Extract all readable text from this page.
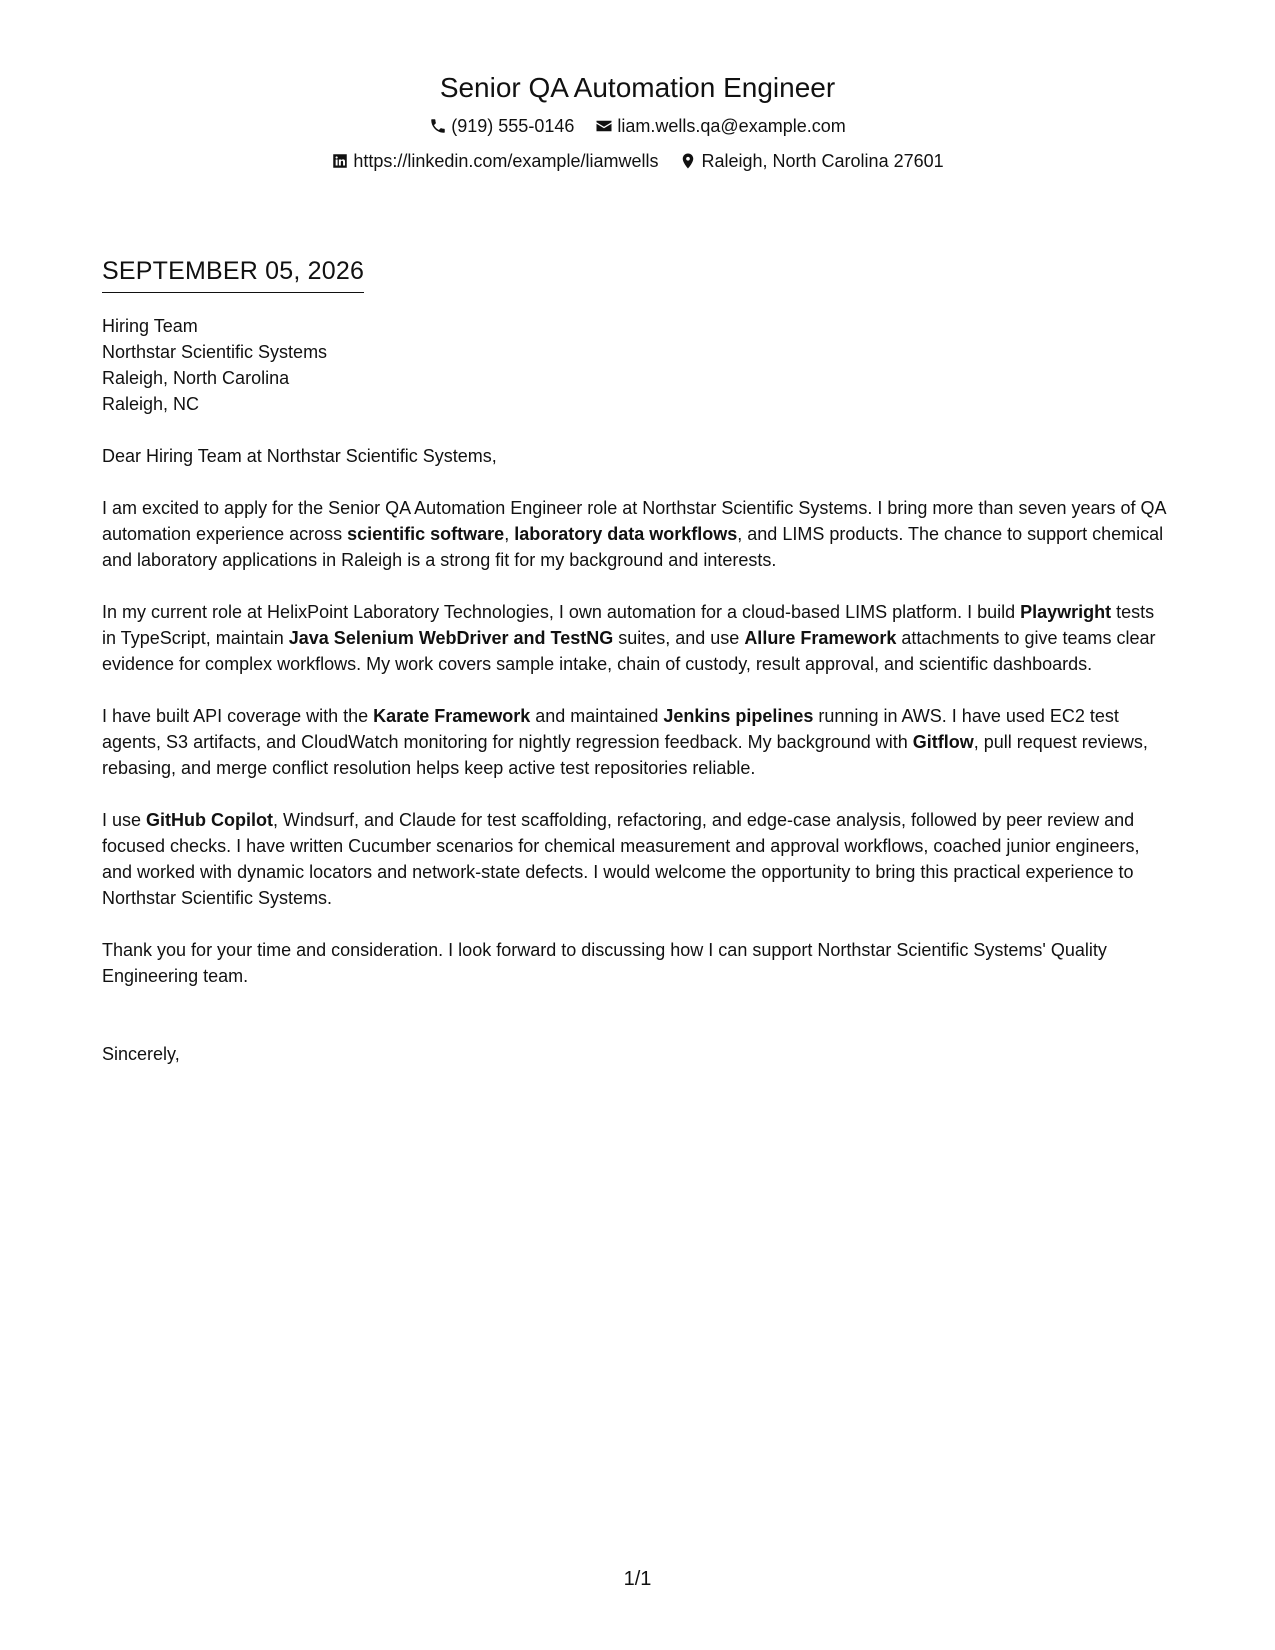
Senior QA Automation Engineer
(919) 555-0146
liam.wells.qa@example.com
https://linkedin.com/example/liamwells
Raleigh, North Carolina 27601
SEPTEMBER 05, 2026
Hiring Team
Northstar Scientific Systems
Raleigh, North Carolina
Raleigh, NC
Dear Hiring Team at Northstar Scientific Systems,

I am excited to apply for the Senior QA Automation Engineer role at Northstar Scientific Systems. I bring more than seven years of QA automation experience across scientific software, laboratory data workflows, and LIMS products. The chance to support chemical and laboratory applications in Raleigh is a strong fit for my background and interests.

In my current role at HelixPoint Laboratory Technologies, I own automation for a cloud-based LIMS platform. I build Playwright tests in TypeScript, maintain Java Selenium WebDriver and TestNG suites, and use Allure Framework attachments to give teams clear evidence for complex workflows. My work covers sample intake, chain of custody, result approval, and scientific dashboards.

I have built API coverage with the Karate Framework and maintained Jenkins pipelines running in AWS. I have used EC2 test agents, S3 artifacts, and CloudWatch monitoring for nightly regression feedback. My background with Gitflow, pull request reviews, rebasing, and merge conflict resolution helps keep active test repositories reliable.

I use GitHub Copilot, Windsurf, and Claude for test scaffolding, refactoring, and edge-case analysis, followed by peer review and focused checks. I have written Cucumber scenarios for chemical measurement and approval workflows, coached junior engineers, and worked with dynamic locators and network-state defects. I would welcome the opportunity to bring this practical experience to Northstar Scientific Systems.

Thank you for your time and consideration. I look forward to discussing how I can support Northstar Scientific Systems' Quality Engineering team.

Sincerely,
1/1
